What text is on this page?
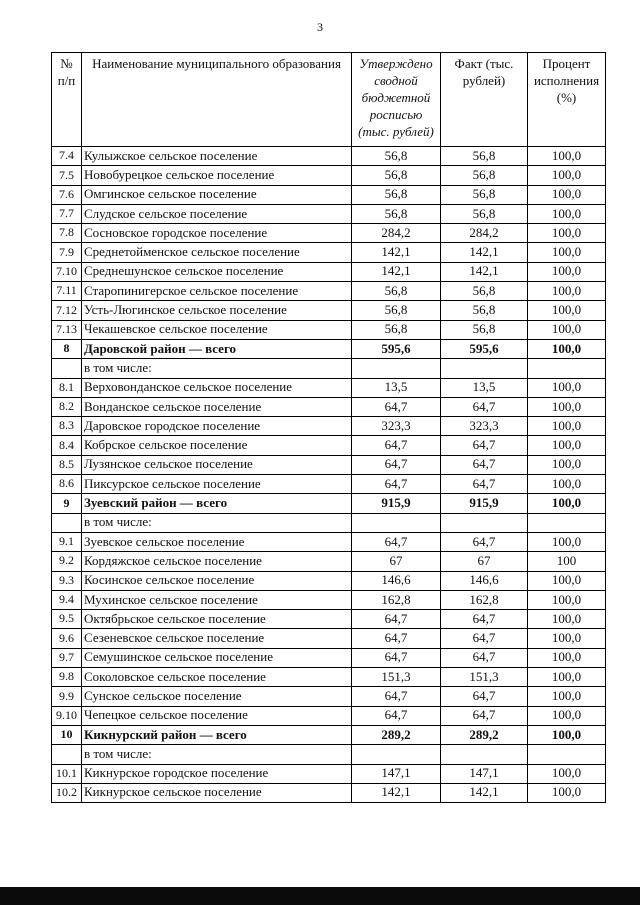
3
№ п/п	Наименование муниципального образования	Утверждено сводной бюджетной росписью (тыс. рублей)	Факт (тыс. рублей)	Процент исполнения (%)
7.4	Кулыжское сельское поселение	56,8	56,8	100,0
7.5	Новобурецкое сельское поселение	56,8	56,8	100,0
7.6	Омгинское сельское поселение	56,8	56,8	100,0
7.7	Слудское сельское поселение	56,8	56,8	100,0
7.8	Сосновское городское поселение	284,2	284,2	100,0
7.9	Среднетойменское сельское поселение	142,1	142,1	100,0
7.10	Среднешунское сельское поселение	142,1	142,1	100,0
7.11	Старопинигерское сельское поселение	56,8	56,8	100,0
7.12	Усть-Люгинское сельское поселение	56,8	56,8	100,0
7.13	Чекашевское сельское поселение	56,8	56,8	100,0
8	Даровской район — всего	595,6	595,6	100,0
	в том числе:			
8.1	Верховонданское сельское поселение	13,5	13,5	100,0
8.2	Вонданское сельское поселение	64,7	64,7	100,0
8.3	Даровское городское поселение	323,3	323,3	100,0
8.4	Кобрское сельское поселение	64,7	64,7	100,0
8.5	Лузянское сельское поселение	64,7	64,7	100,0
8.6	Пиксурское сельское поселение	64,7	64,7	100,0
9	Зуевский район — всего	915,9	915,9	100,0
	в том числе:			
9.1	Зуевское сельское поселение	64,7	64,7	100,0
9.2	Кордяжское сельское поселение	67	67	100
9.3	Косинское сельское поселение	146,6	146,6	100,0
9.4	Мухинское сельское поселение	162,8	162,8	100,0
9.5	Октябрьское сельское поселение	64,7	64,7	100,0
9.6	Сезеневское сельское поселение	64,7	64,7	100,0
9.7	Семушинское сельское поселение	64,7	64,7	100,0
9.8	Соколовское сельское поселение	151,3	151,3	100,0
9.9	Сунское сельское поселение	64,7	64,7	100,0
9.10	Чепецкое сельское поселение	64,7	64,7	100,0
10	Кикнурский район — всего	289,2	289,2	100,0
	в том числе:			
10.1	Кикнурское городское поселение	147,1	147,1	100,0
10.2	Кикнурское сельское поселение	142,1	142,1	100,0
